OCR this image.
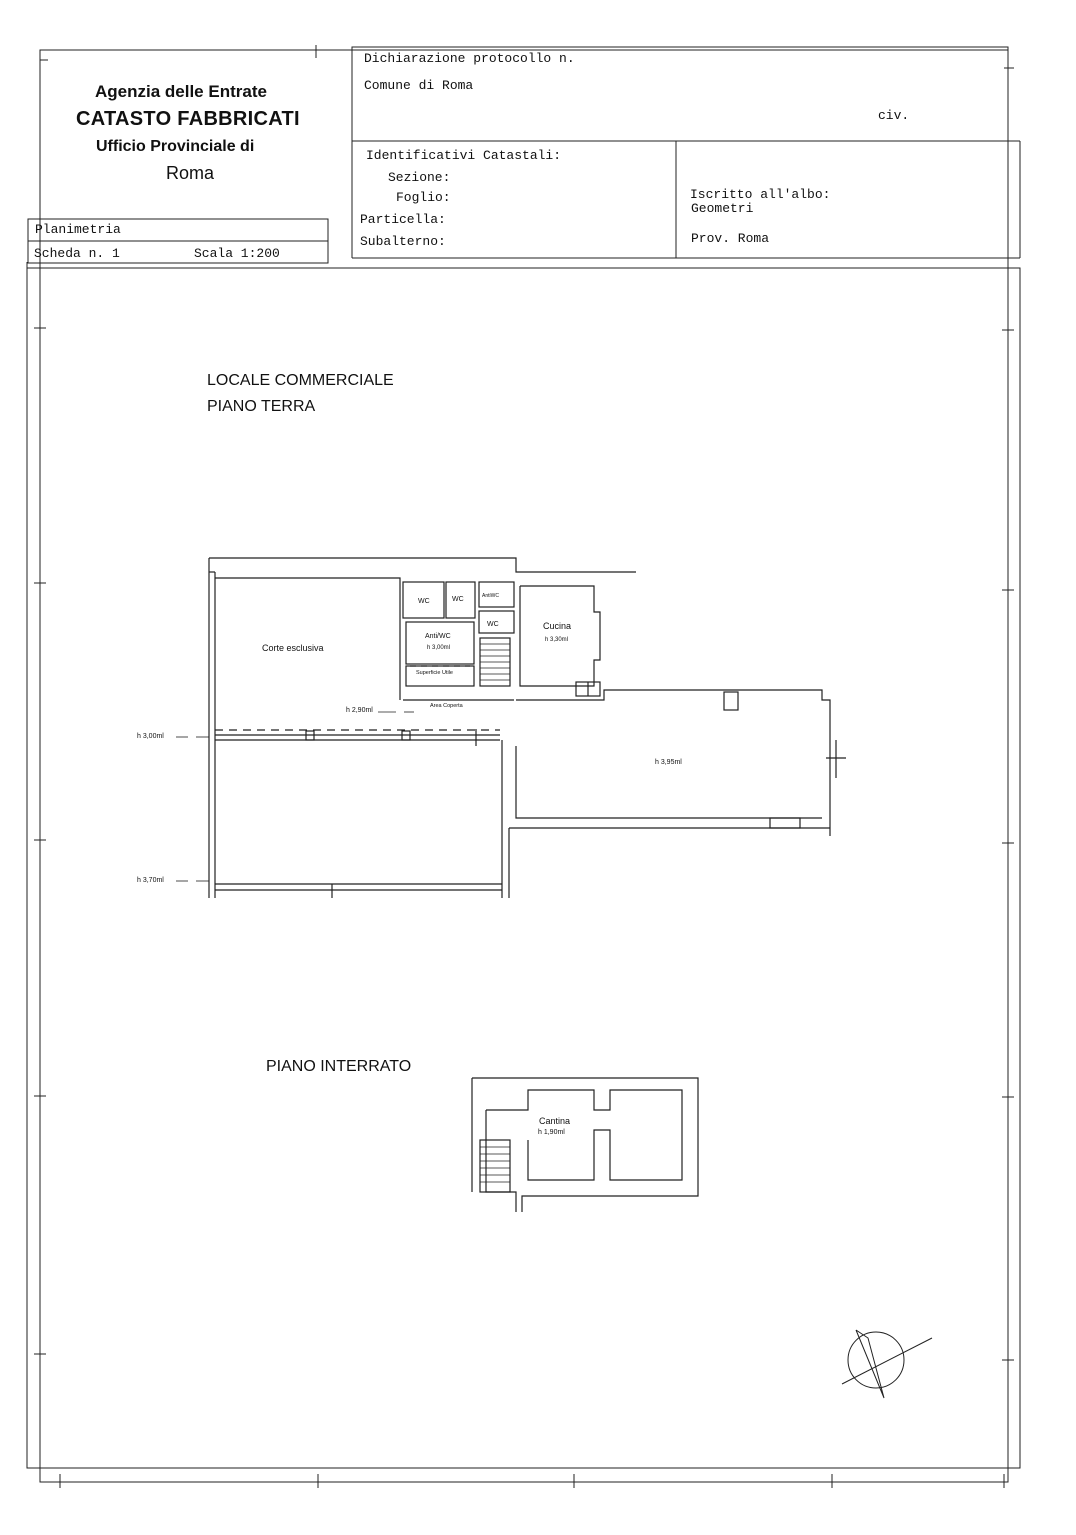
Agenzia delle Entrate
CATASTO FABBRICATI
Ufficio Provinciale di
Roma
Planimetria
Scheda n. 1	Scala 1:200
Dichiarazione protocollo n.
Comune di Roma
civ.
Identificativi Catastali:
Sezione:
Foglio:
Particella:
Subalterno:
Iscritto all'albo:
Geometri
Prov. Roma
LOCALE COMMERCIALE
PIANO TERRA
Corte esclusiva
WC	WC	AntiWC
WC
Anti/WC
h 3,00ml
Superficie Utile
Cucina
h 3,30ml
Area Coperta
h 2,90ml
h 3,00ml
h 3,70ml
h 3,95ml
PIANO INTERRATO
Cantina
h 1,90ml
